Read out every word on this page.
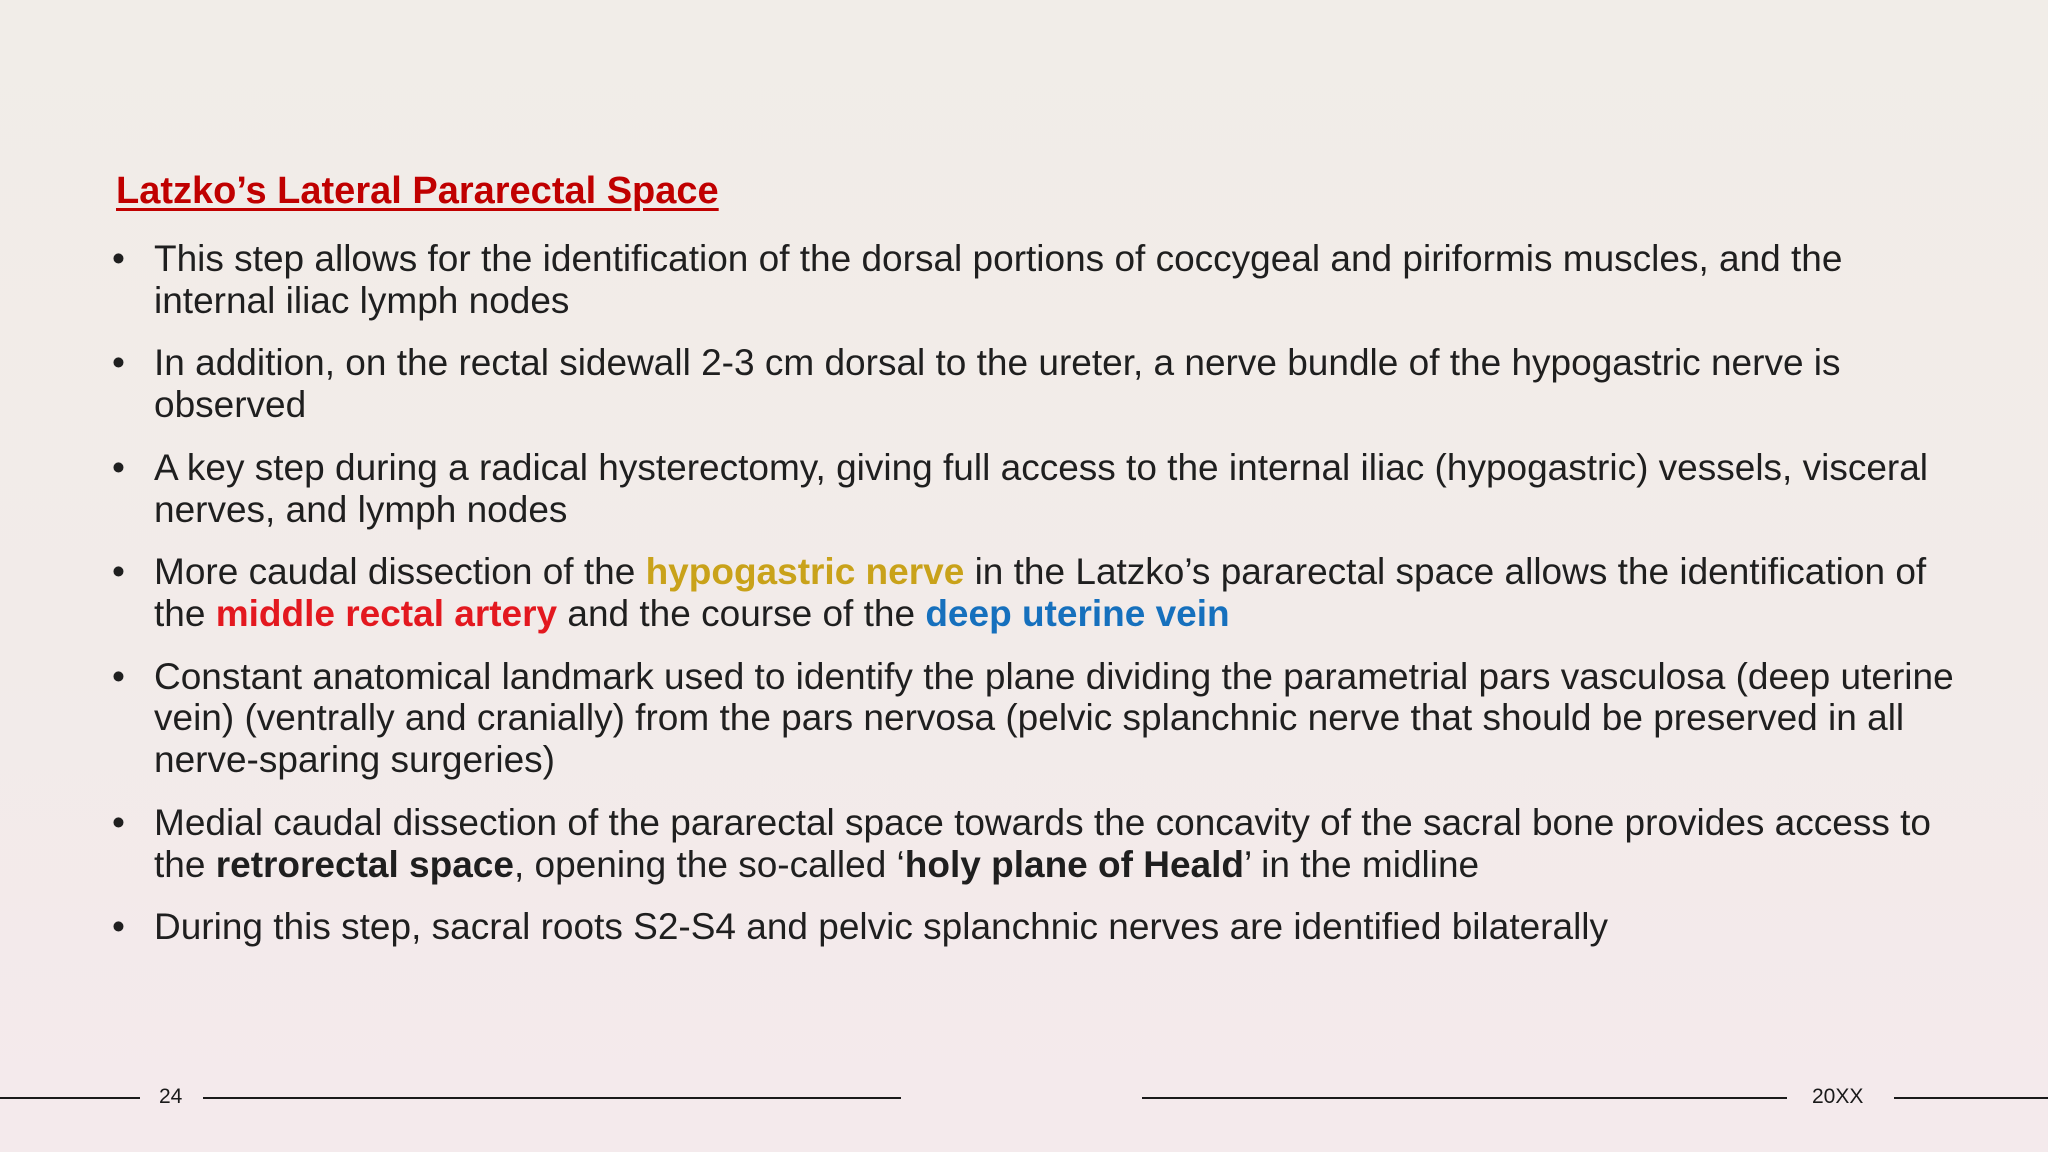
Latzko’s Lateral Pararectal Space
• This step allows for the identification of the dorsal portions of coccygeal and piriformis muscles, and the internal iliac lymph nodes
• In addition, on the rectal sidewall 2-3 cm dorsal to the ureter, a nerve bundle of the hypogastric nerve is observed
• A key step during a radical hysterectomy, giving full access to the internal iliac (hypogastric) vessels, visceral nerves, and lymph nodes
• More caudal dissection of the hypogastric nerve in the Latzko’s pararectal space allows the identification of the middle rectal artery and the course of the deep uterine vein
• Constant anatomical landmark used to identify the plane dividing the parametrial pars vasculosa (deep uterine vein) (ventrally and cranially) from the pars nervosa (pelvic splanchnic nerve that should be preserved in all nerve-sparing surgeries)
• Medial caudal dissection of the pararectal space towards the concavity of the sacral bone provides access to the retrorectal space, opening the so-called ‘holy plane of Heald’ in the midline
• During this step, sacral roots S2-S4 and pelvic splanchnic nerves are identified bilaterally
24	20XX
